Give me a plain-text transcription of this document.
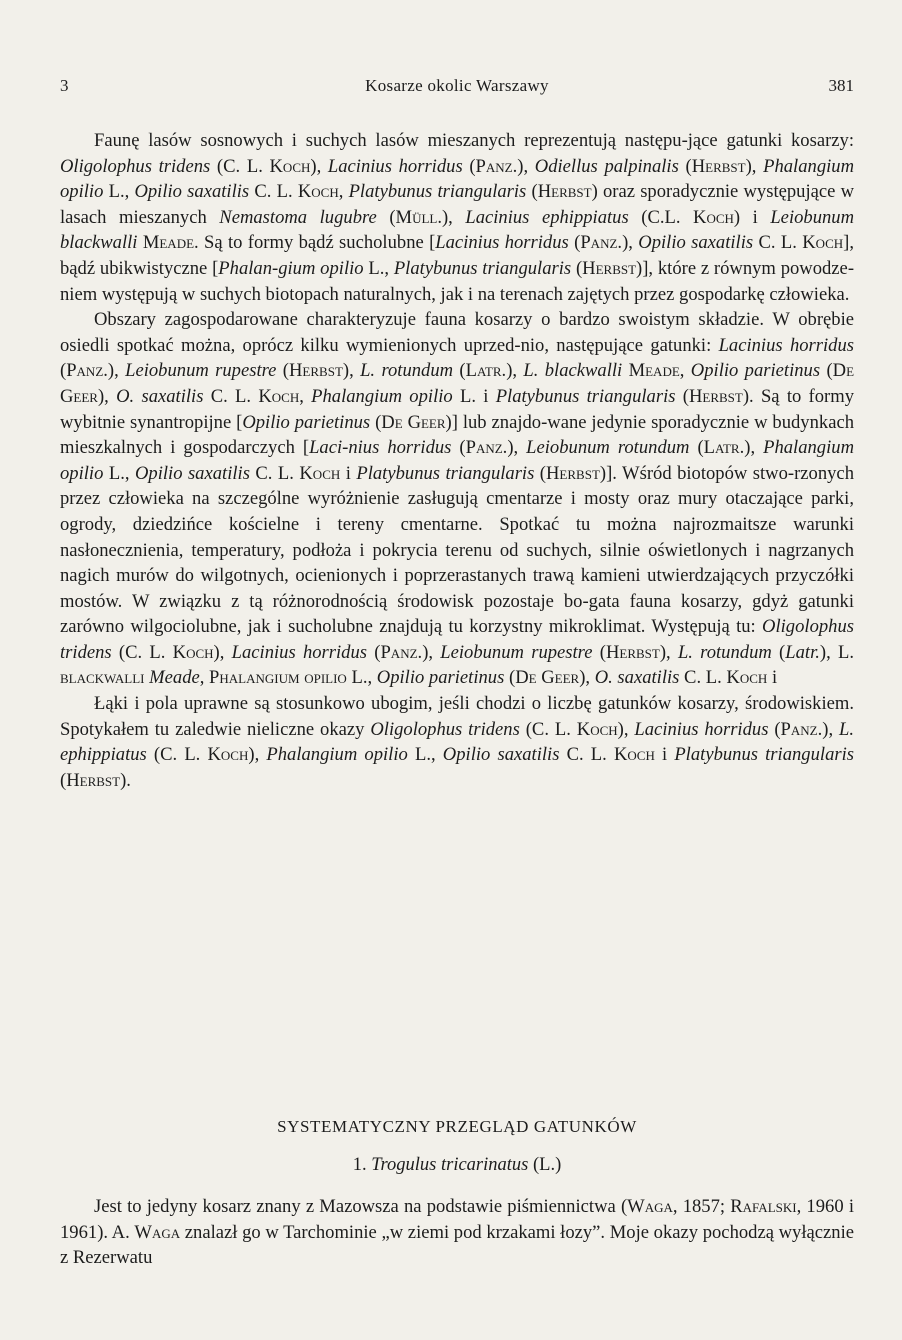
3	Kosarze okolic Warszawy	381

Faunę lasów sosnowych i suchych lasów mieszanych reprezentują następu-jące gatunki kosarzy: Oligolophus tridens (C. L. Koch), Lacinius horridus (Panz.), Odiellus palpinalis (Herbst), Phalangium opilio L., Opilio saxatilis C. L. Koch, Platybunus triangularis (Herbst) oraz sporadycznie występujące w lasach mieszanych Nemastoma lugubre (Müll.), Lacinius ephippiatus (C.L. Koch) i Leiobunum blackwalli Meade. Są to formy bądź sucholubne [Lacinius horridus (Panz.), Opilio saxatilis C. L. Koch], bądź ubikwistyczne [Phalan-gium opilio L., Platybunus triangularis (Herbst)], które z równym powodze-niem występują w suchych biotopach naturalnych, jak i na terenach zajętych przez gospodarkę człowieka.

Obszary zagospodarowane charakteryzuje fauna kosarzy o bardzo swoistym składzie. W obrębie osiedli spotkać można, oprócz kilku wymienionych uprzed-nio, następujące gatunki: Lacinius horridus (Panz.), Leiobunum rupestre (Herbst), L. rotundum (Latr.), L. blackwalli Meade, Opilio parietinus (De Geer), O. saxatilis C. L. Koch, Phalangium opilio L. i Platybunus triangularis (Herbst). Są to formy wybitnie synantropijne [Opilio parietinus (De Geer)] lub znajdo-wane jedynie sporadycznie w budynkach mieszkalnych i gospodarczych [Laci-nius horridus (Panz.), Leiobunum rotundum (Latr.), Phalangium opilio L., Opilio saxatilis C. L. Koch i Platybunus triangularis (Herbst)]. Wśród biotopów stwo-rzonych przez człowieka na szczególne wyróżnienie zasługują cmentarze i mosty oraz mury otaczające parki, ogrody, dziedzińce kościelne i tereny cmentarne. Spotkać tu można najrozmaitsze warunki nasłonecznienia, temperatury, podłoża i pokrycia terenu od suchych, silnie oświetlonych i nagrzanych nagich murów do wilgotnych, ocienionych i poprzerastanych trawą kamieni utwierdzających przyczółki mostów. W związku z tą różnorodnością środowisk pozostaje bo-gata fauna kosarzy, gdyż gatunki zarówno wilgociolubne, jak i sucholubne znajdują tu korzystny mikroklimat. Występują tu: Oligolophus tridens (C. L. Koch), Lacinius horridus (Panz.), Leiobunum rupestre (Herbst), L. rotundum (Latr.), L. blackwalli Meade, Phalangium opilio L., Opilio parietinus (De Geer), O. saxatilis C. L. Koch i

Łąki i pola uprawne są stosunkowo ubogim, jeśli chodzi o liczbę gatunków kosarzy, środowiskiem. Spotykałem tu zaledwie nieliczne okazy Oligolophus tridens (C. L. Koch), Lacinius horridus (Panz.), L. ephippiatus (C. L. Koch), Phalangium opilio L., Opilio saxatilis C. L. Koch i Platybunus triangularis (Herbst).

SYSTEMATYCZNY PRZEGLĄD GATUNKÓW
1. Trogulus tricarinatus (L.)

Jest to jedyny kosarz znany z Mazowsza na podstawie piśmiennictwa (Waga, 1857; Rafalski, 1960 i 1961). A. Waga znalazł go w Tarchominie „w ziemi pod krzakami łozy”. Moje okazy pochodzą wyłącznie z Rezerwatu
